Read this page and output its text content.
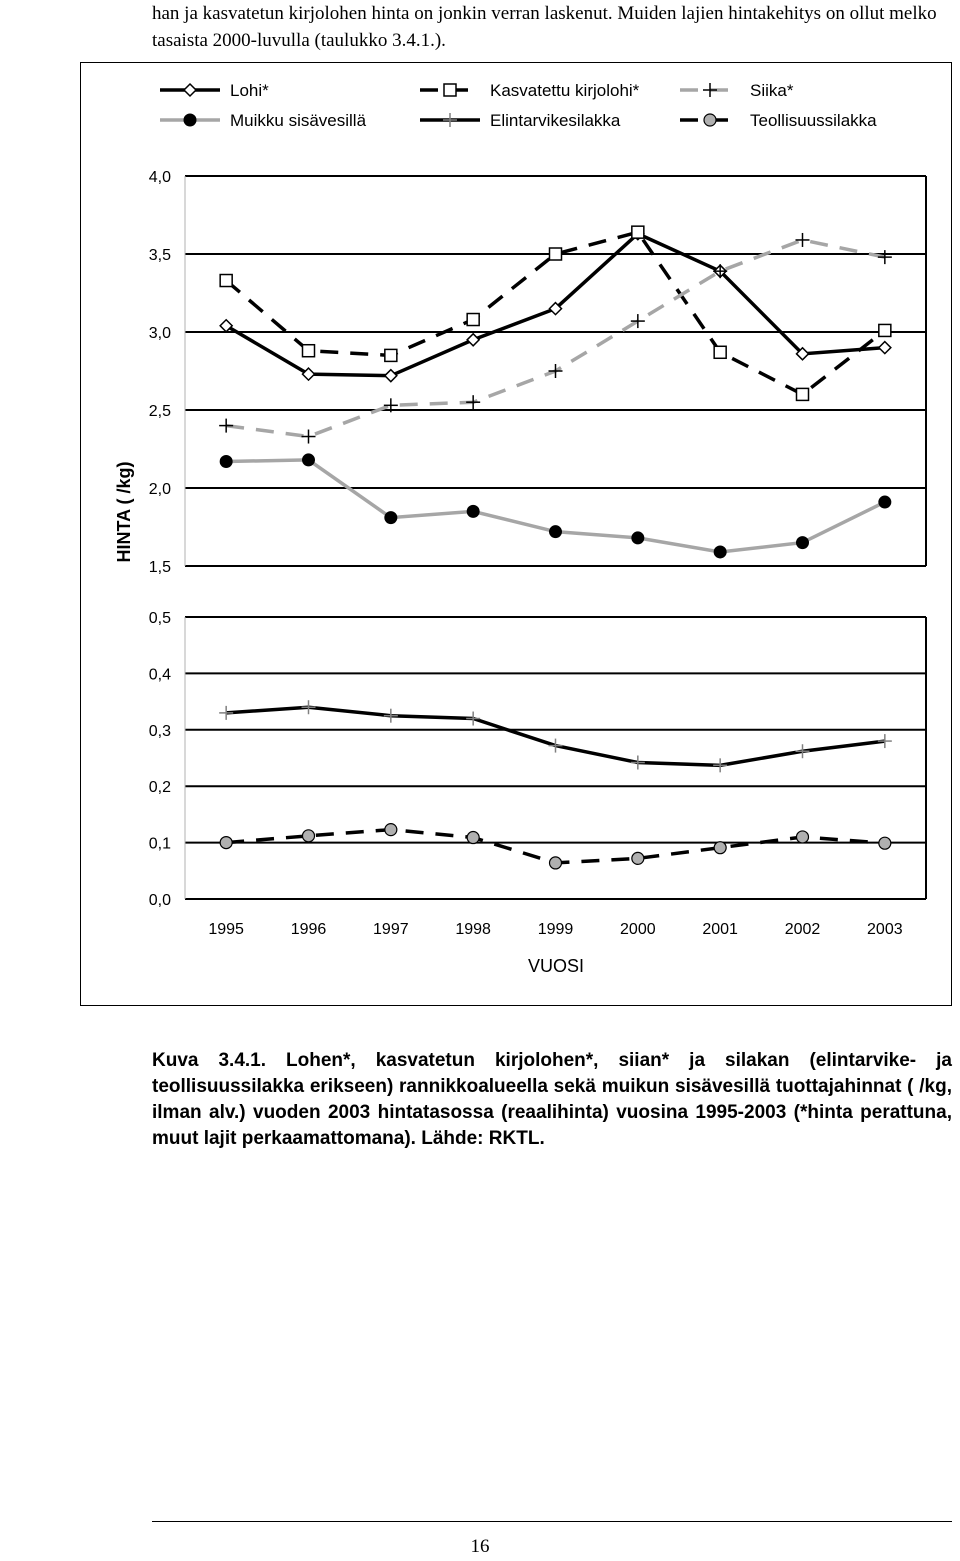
han ja kasvatetun kirjolohen hinta on jonkin verran laskenut. Muiden lajien hintakehitys on ollut melko tasaista 2000-luvulla (taulukko 3.4.1.).

1,5
2,0
2,5
3,0
3,5
4,0
0,0
0,1
0,2
0,3
0,4
0,5
1995	1996	1997	1998	1999	2000	2001	2002	2003
VUOSI
HINTA ( /kg)
Lohi*	Kasvatettu kirjolohi*	Siika*
Muikku sisävesillä	Elintarvikesilakka	Teollisuussilakka

Kuva 3.4.1. Lohen*, kasvatetun kirjolohen*, siian* ja silakan (elintarvike- ja teollisuussilakka erikseen) rannikkoalueella sekä muikun sisävesillä tuottajahinnat ( /kg, ilman alv.) vuoden 2003 hintatasossa (reaalihinta) vuosina 1995-2003 (*hinta perattuna, muut lajit perkaamattomana). Lähde: RKTL.

16
